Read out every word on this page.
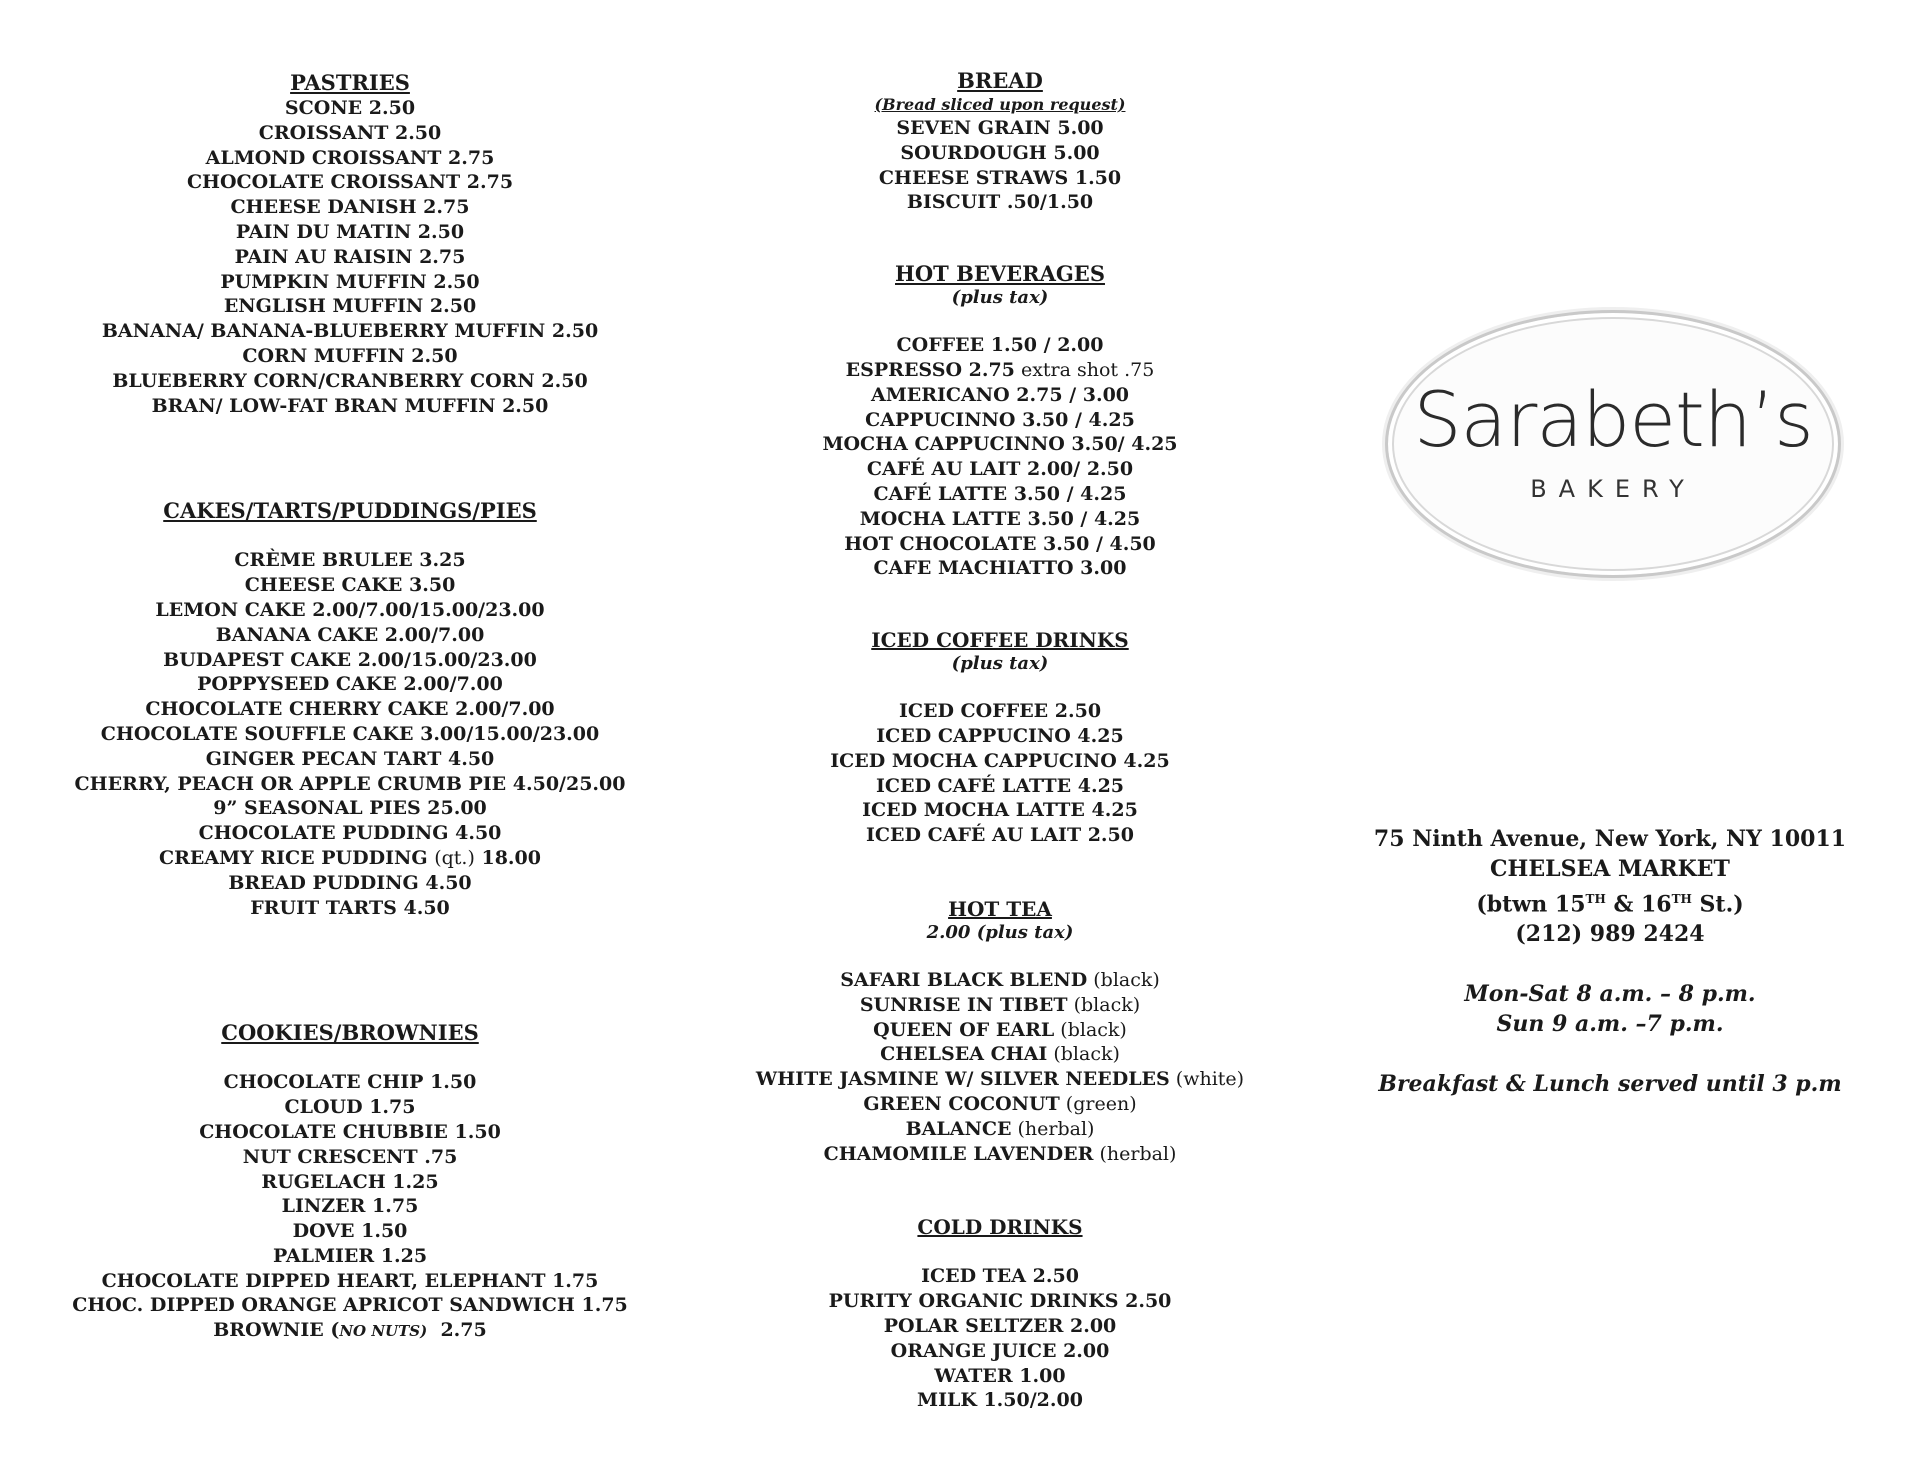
PASTRIES
SCONE 2.50
CROISSANT 2.50
ALMOND CROISSANT 2.75
CHOCOLATE CROISSANT 2.75
CHEESE DANISH 2.75
PAIN DU MATIN 2.50
PAIN AU RAISIN 2.75
PUMPKIN MUFFIN 2.50
ENGLISH MUFFIN 2.50
BANANA/ BANANA-BLUEBERRY MUFFIN 2.50
CORN MUFFIN 2.50
BLUEBERRY CORN/CRANBERRY CORN 2.50
BRAN/ LOW-FAT BRAN MUFFIN 2.50
CAKES/TARTS/PUDDINGS/PIES
CRÈME BRULEE 3.25
CHEESE CAKE 3.50
LEMON CAKE 2.00/7.00/15.00/23.00
BANANA CAKE 2.00/7.00
BUDAPEST CAKE 2.00/15.00/23.00
POPPYSEED CAKE 2.00/7.00
CHOCOLATE CHERRY CAKE 2.00/7.00
CHOCOLATE SOUFFLE CAKE 3.00/15.00/23.00
GINGER PECAN TART 4.50
CHERRY, PEACH OR APPLE CRUMB PIE 4.50/25.00
9” SEASONAL PIES 25.00
CHOCOLATE PUDDING 4.50
CREAMY RICE PUDDING (qt.) 18.00
BREAD PUDDING 4.50
FRUIT TARTS 4.50
COOKIES/BROWNIES
CHOCOLATE CHIP 1.50
CLOUD 1.75
CHOCOLATE CHUBBIE 1.50
NUT CRESCENT .75
RUGELACH 1.25
LINZER 1.75
DOVE 1.50
PALMIER 1.25
CHOCOLATE DIPPED HEART, ELEPHANT 1.75
CHOC. DIPPED ORANGE APRICOT SANDWICH 1.75
BROWNIE (NO NUTS)  2.75
BREAD
(Bread sliced upon request)
SEVEN GRAIN 5.00
SOURDOUGH 5.00
CHEESE STRAWS 1.50
BISCUIT .50/1.50
HOT BEVERAGES
(plus tax)
COFFEE 1.50 / 2.00
ESPRESSO 2.75 extra shot .75
AMERICANO 2.75 / 3.00
CAPPUCINNO 3.50 / 4.25
MOCHA CAPPUCINNO 3.50/ 4.25
CAFÉ AU LAIT 2.00/ 2.50
CAFÉ LATTE 3.50 / 4.25
MOCHA LATTE 3.50 / 4.25
HOT CHOCOLATE 3.50 / 4.50
CAFE MACHIATTO 3.00
ICED COFFEE DRINKS
(plus tax)
ICED COFFEE 2.50
ICED CAPPUCINO 4.25
ICED MOCHA CAPPUCINO 4.25
ICED CAFÉ LATTE 4.25
ICED MOCHA LATTE 4.25
ICED CAFÉ AU LAIT 2.50
HOT TEA
2.00 (plus tax)
SAFARI BLACK BLEND (black)
SUNRISE IN TIBET (black)
QUEEN OF EARL (black)
CHELSEA CHAI (black)
WHITE JASMINE W/ SILVER NEEDLES (white)
GREEN COCONUT (green)
BALANCE (herbal)
CHAMOMILE LAVENDER (herbal)
COLD DRINKS
ICED TEA 2.50
PURITY ORGANIC DRINKS 2.50
POLAR SELTZER 2.00
ORANGE JUICE 2.00
WATER 1.00
MILK 1.50/2.00
Sarabeth’s
BAKERY
75 Ninth Avenue, New York, NY 10011
CHELSEA MARKET
(btwn 15TH & 16TH St.)
(212) 989 2424
Mon-Sat 8 a.m. – 8 p.m.
Sun 9 a.m. –7 p.m.
Breakfast & Lunch served until 3 p.m
